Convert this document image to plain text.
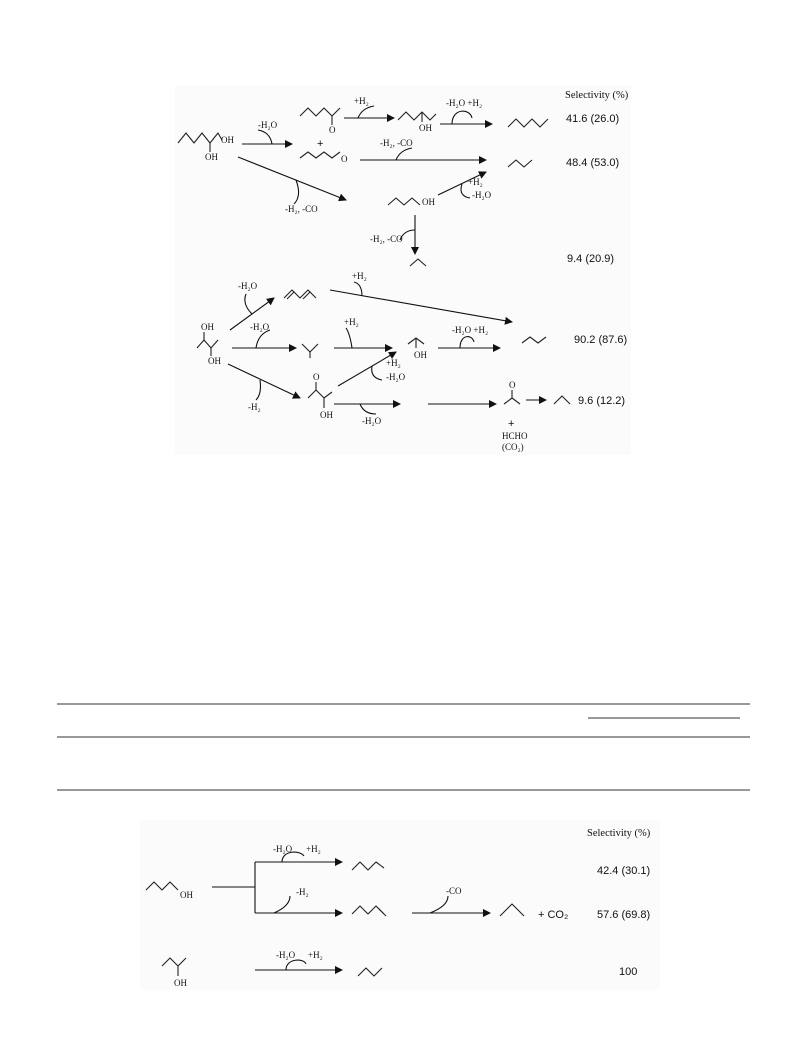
Selectivity (%)
OH
OH
-H₂O	O
+
+H₂
OH
-H₂O +H₂
41.6 (26.0)
O
-H₂, -CO
48.4 (53.0)
-H₂, -CO
OH
+H₂
-H₂O
-H₂, -CO
9.4 (20.9)
OH
OH
-H₂O
+H₂
-H₂O	+H₂
OH
-H₂O +H₂
90.2 (87.6)
-H₂
O
OH
+H₂
-H₂O
-H₂O
O
9.6 (12.2)
+
HCHO
(CO₂)
Selectivity (%)
OH
-H₂O +H₂
42.4 (30.1)
-H₂	-CO
+ CO₂	57.6 (69.8)
OH
-H₂O +H₂
100
